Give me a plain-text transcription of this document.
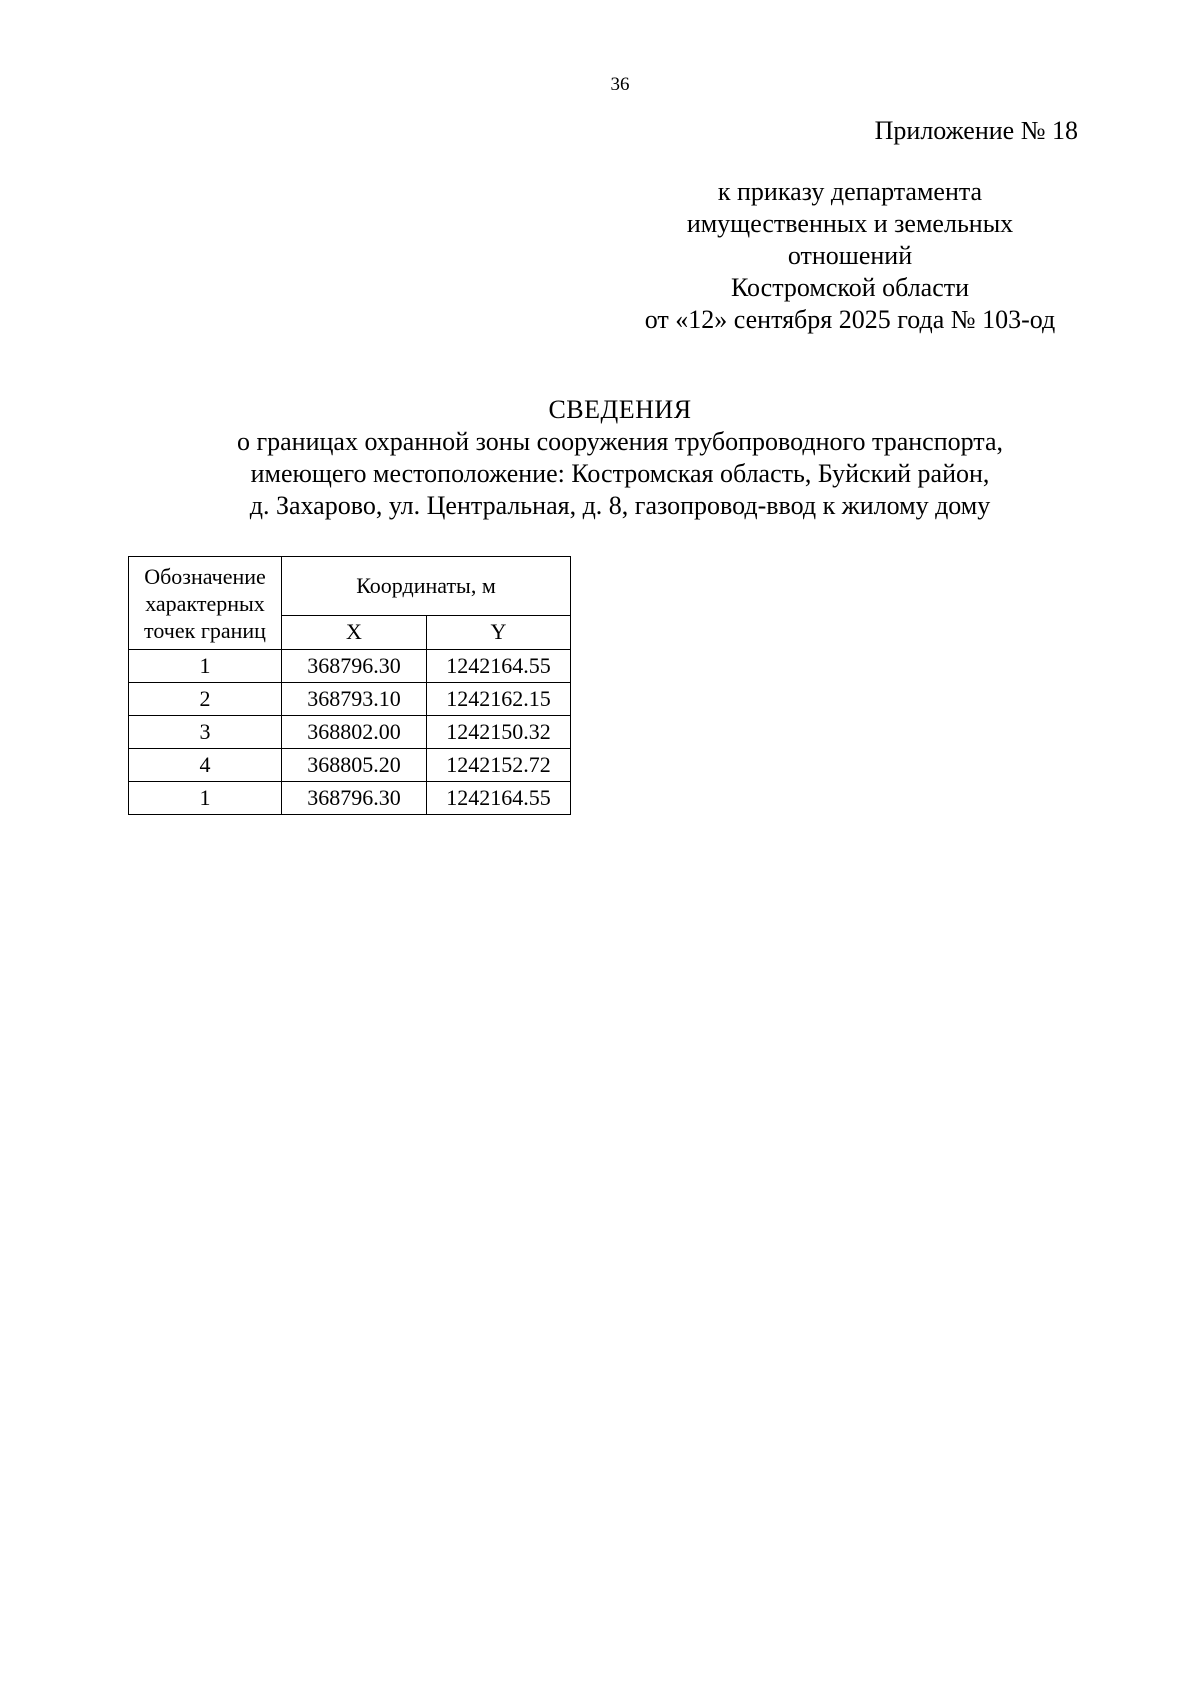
36
Приложение № 18
к приказу департамента
имущественных и земельных
отношений
Костромской области
от «12» сентября 2025 года № 103-од
СВЕДЕНИЯ
о границах охранной зоны сооружения трубопроводного транспорта,
имеющего местоположение: Костромская область, Буйский район,
д. Захарово, ул. Центральная, д. 8, газопровод-ввод к жилому дому
Обозначение
характерных
точек границ	Координаты, м	
	X	Y
1	368796.30	1242164.55
2	368793.10	1242162.15
3	368802.00	1242150.32
4	368805.20	1242152.72
1	368796.30	1242164.55
